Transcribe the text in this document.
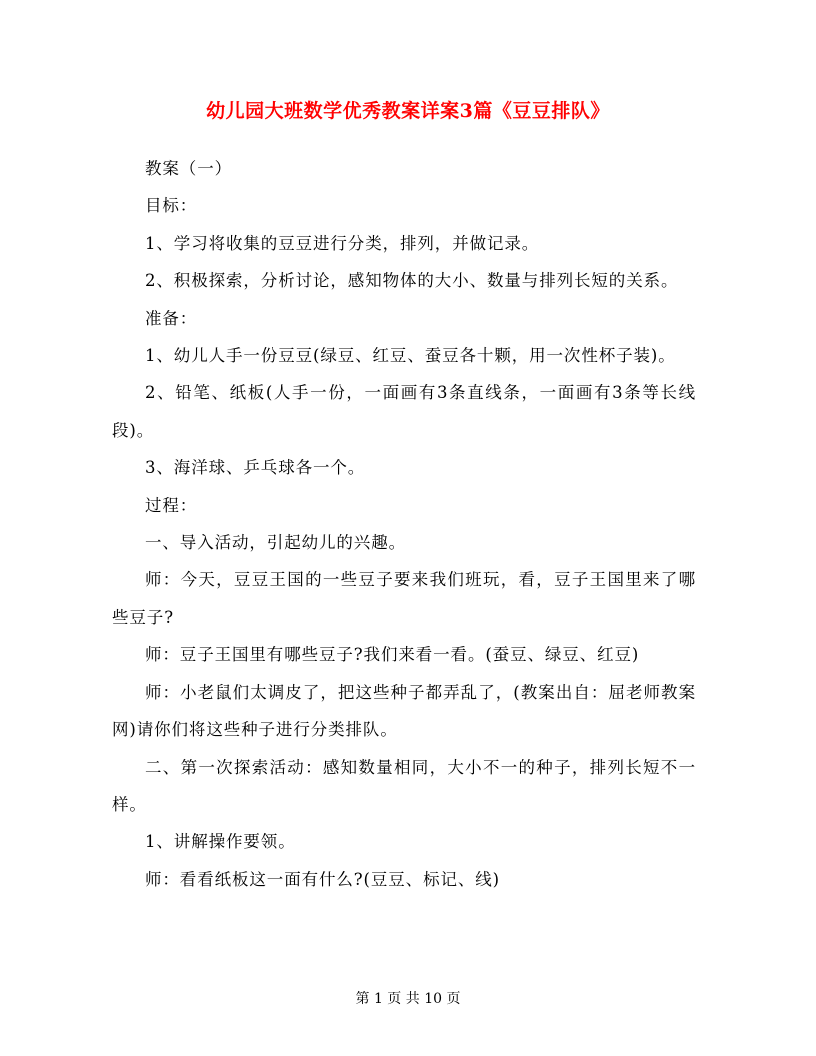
幼儿园大班数学优秀教案详案3篇《豆豆排队》

教案（一）

目标：

1、学习将收集的豆豆进行分类，排列，并做记录。

2、积极探索，分析讨论，感知物体的大小、数量与排列长短的关系。

准备：

1、幼儿人手一份豆豆(绿豆、红豆、蚕豆各十颗，用一次性杯子装)。

2、铅笔、纸板(人手一份，一面画有3条直线条，一面画有3条等长线段)。

3、海洋球、乒乓球各一个。

过程：

一、导入活动，引起幼儿的兴趣。

师：今天，豆豆王国的一些豆子要来我们班玩，看，豆子王国里来了哪些豆子?

师：豆子王国里有哪些豆子?我们来看一看。(蚕豆、绿豆、红豆)

师：小老鼠们太调皮了，把这些种子都弄乱了，(教案出自：屈老师教案网)请你们将这些种子进行分类排队。

二、第一次探索活动：感知数量相同，大小不一的种子，排列长短不一样。

1、讲解操作要领。

师：看看纸板这一面有什么?(豆豆、标记、线)

第 1 页 共 10 页
